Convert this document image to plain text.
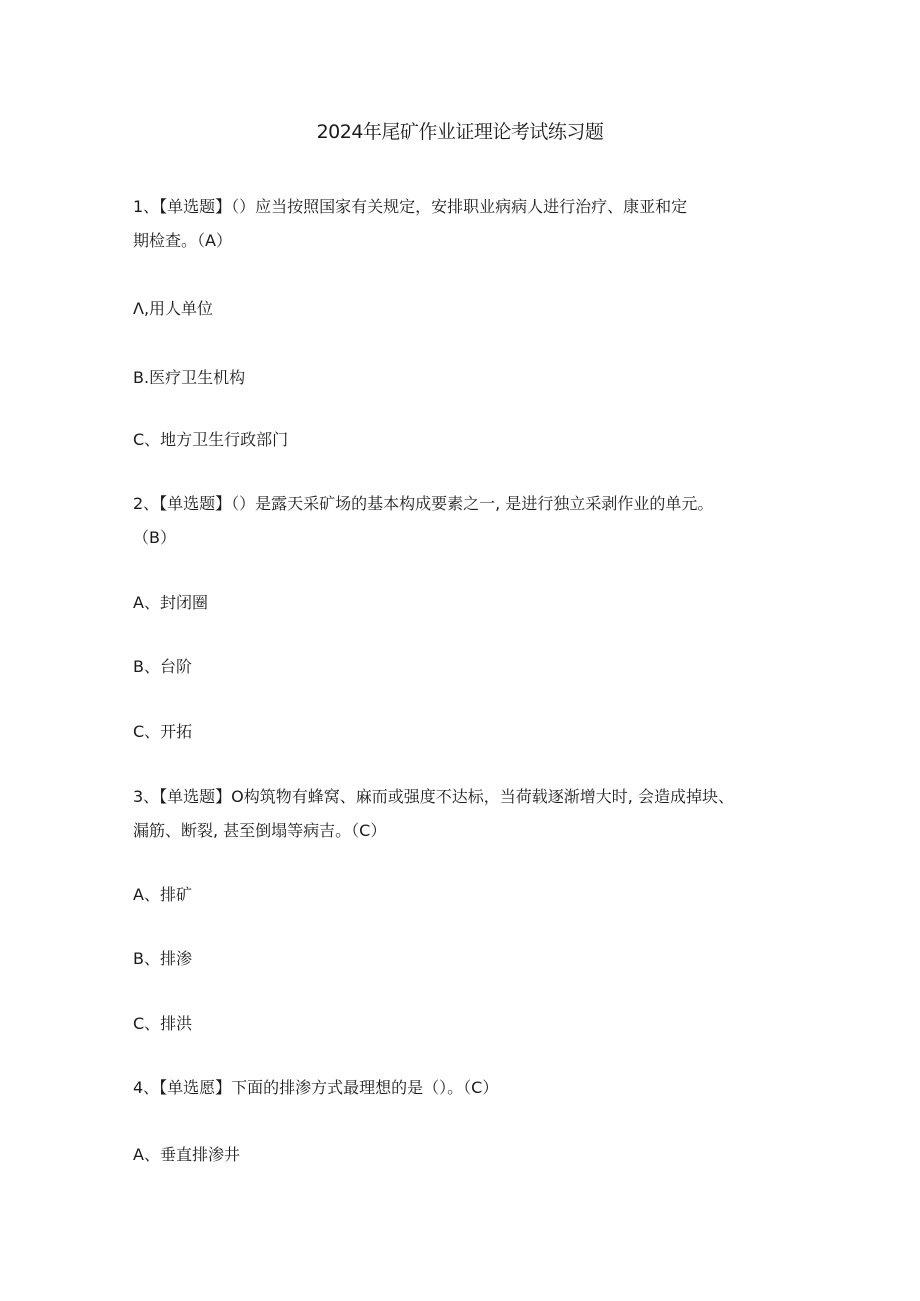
2024年尾矿作业证理论考试练习题
1、【单选题】（）应当按照国家有关规定，安排职业病病人进行治疗、康亚和定
期检查。（A）
Λ,用人单位
B.医疗卫生机构
C、地方卫生行政部门
2、【单选题】（）是露天采矿场的基本构成要素之一, 是进行独立采剥作业的单元。
（B）
A、封闭圈
B、台阶
C、开拓
3、【单选题】O构筑物有蜂窝、麻而或强度不达标，当荷载逐渐增大时, 会造成掉块、
漏筋、断裂, 甚至倒塌等病吉。（C）
A、排矿
B、排渗
C、排洪
4、【单选愿】下面的排渗方式最理想的是（）。（C）
A、垂直排渗井
